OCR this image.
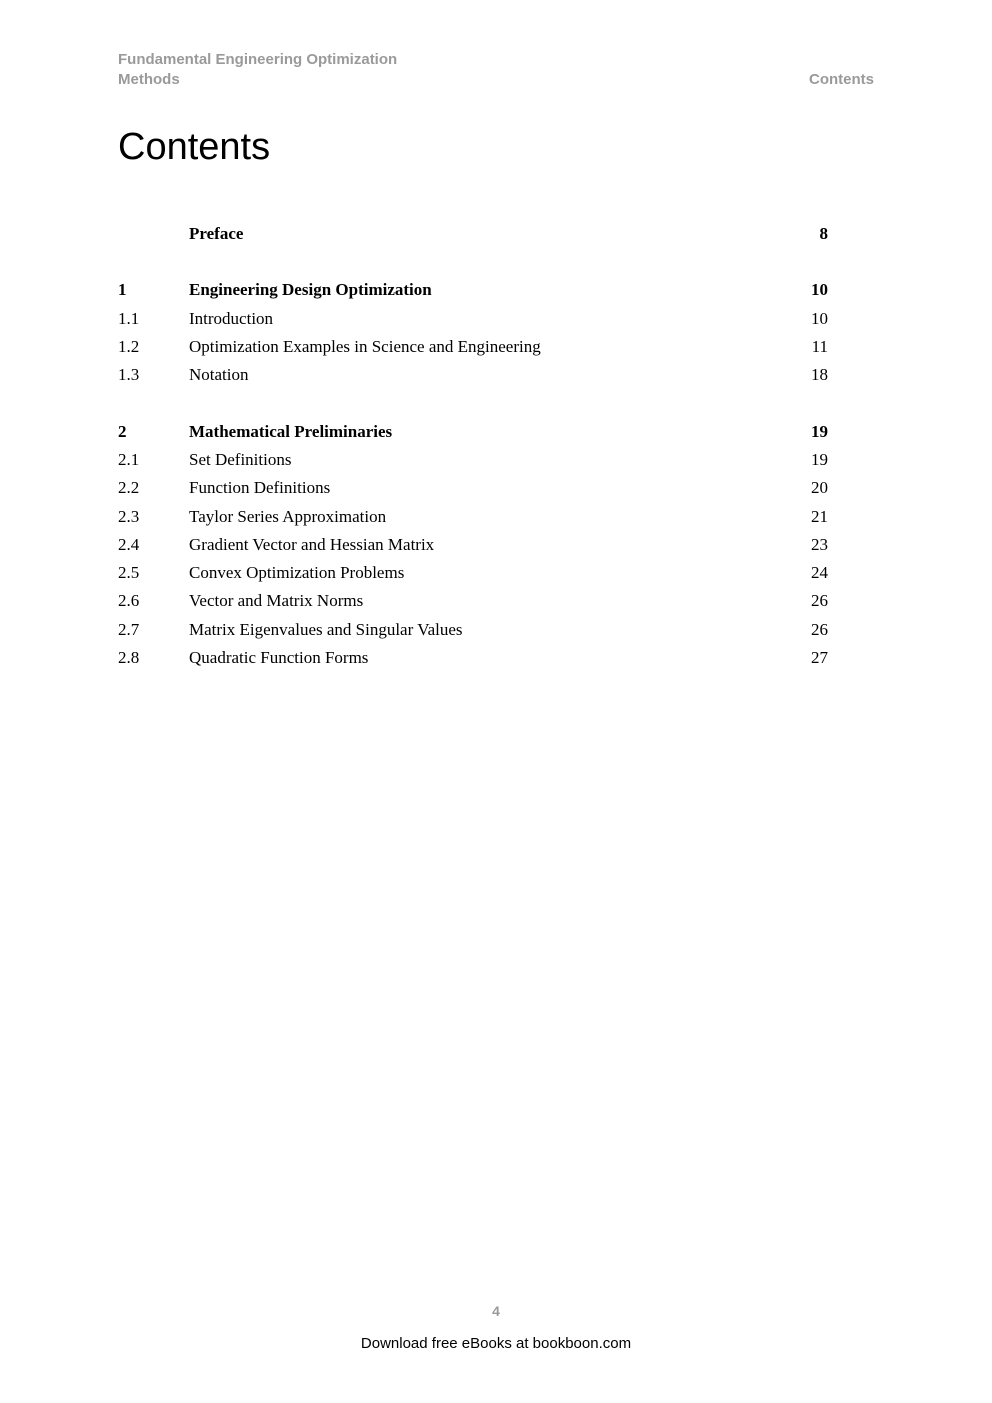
Fundamental Engineering Optimization
Methods	Contents
Contents
Preface	8
1	Engineering Design Optimization	10
1.1	Introduction	10
1.2	Optimization Examples in Science and Engineering	11
1.3	Notation	18
2	Mathematical Preliminaries	19
2.1	Set Definitions	19
2.2	Function Definitions	20
2.3	Taylor Series Approximation	21
2.4	Gradient Vector and Hessian Matrix	23
2.5	Convex Optimization Problems	24
2.6	Vector and Matrix Norms	26
2.7	Matrix Eigenvalues and Singular Values	26
2.8	Quadratic Function Forms	27
4
Download free eBooks at bookboon.com
